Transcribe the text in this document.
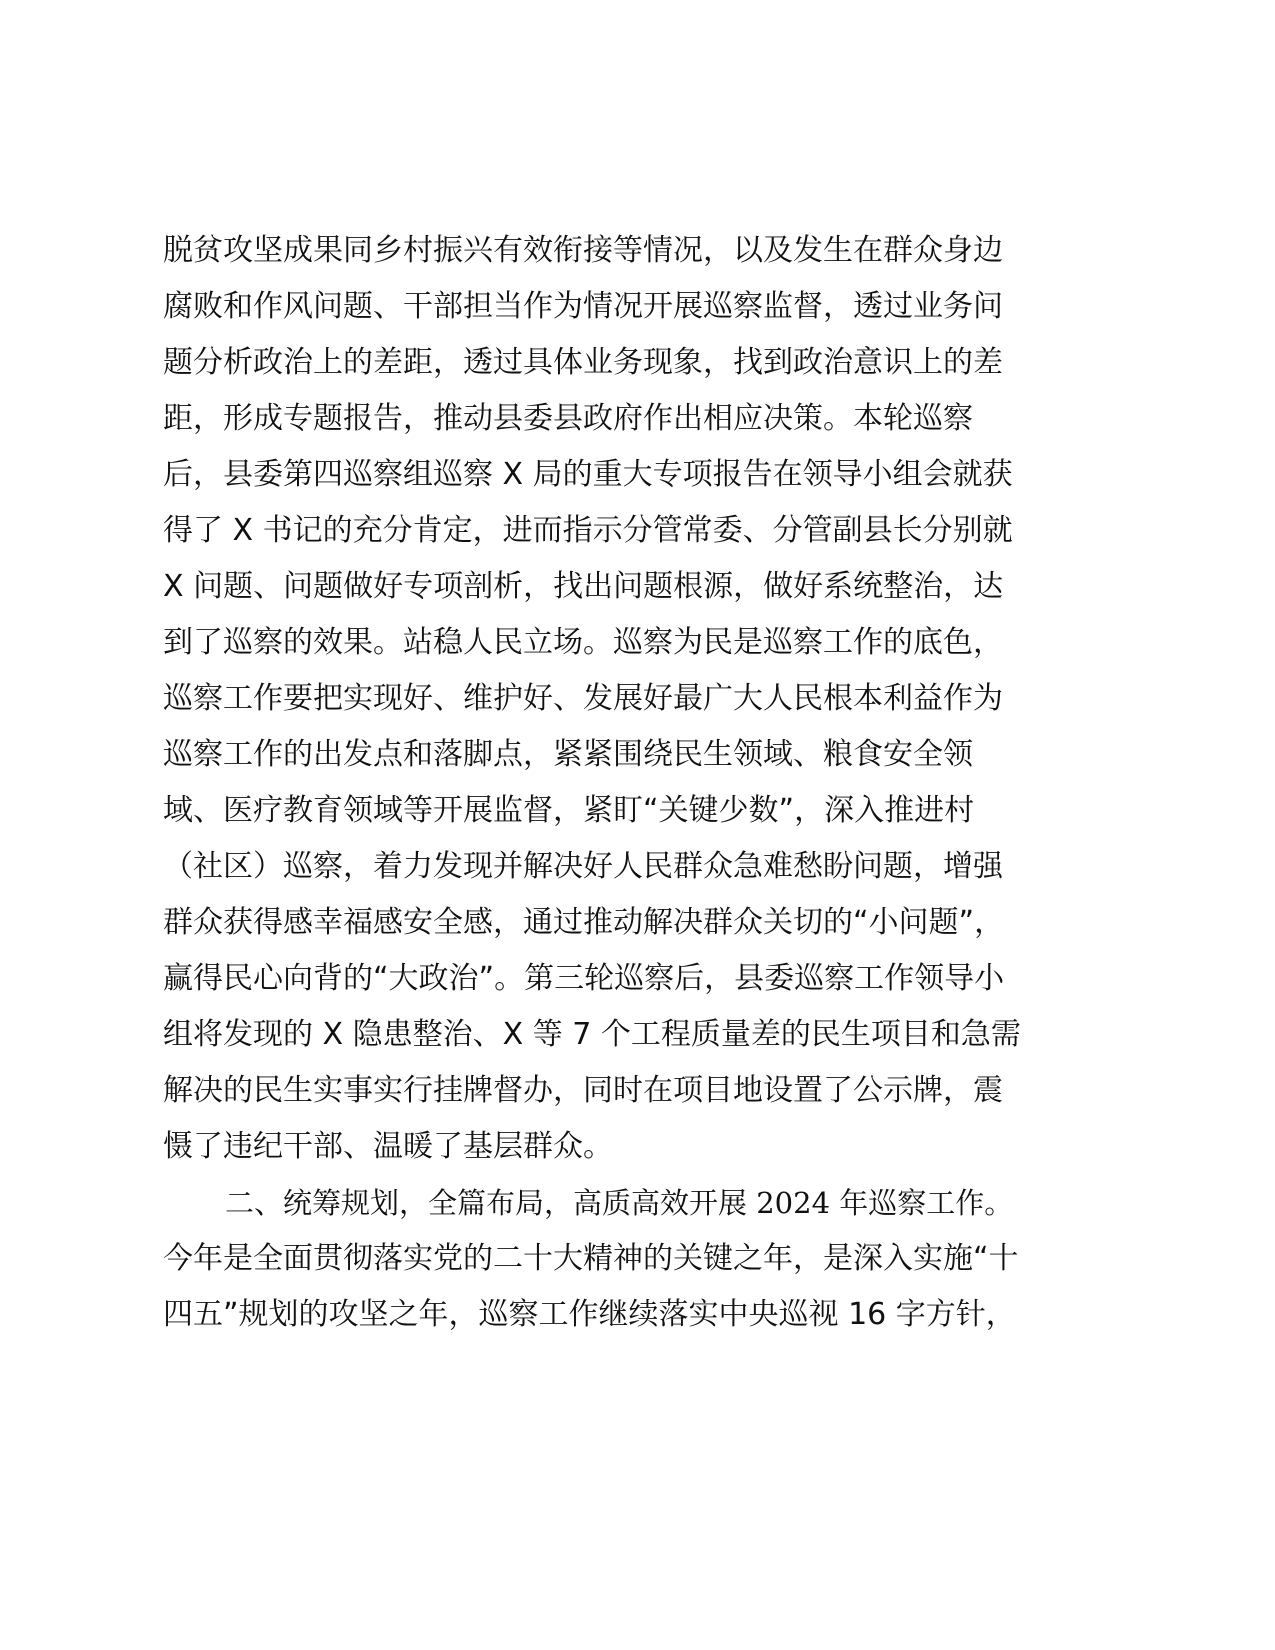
脱贫攻坚成果同乡村振兴有效衔接等情况，以及发生在群众身边
腐败和作风问题、干部担当作为情况开展巡察监督，透过业务问
题分析政治上的差距，透过具体业务现象，找到政治意识上的差
距，形成专题报告，推动县委县政府作出相应决策。本轮巡察
后，县委第四巡察组巡察 X 局的重大专项报告在领导小组会就获
得了 X 书记的充分肯定，进而指示分管常委、分管副县长分别就
X 问题、问题做好专项剖析，找出问题根源，做好系统整治，达
到了巡察的效果。站稳人民立场。巡察为民是巡察工作的底色，
巡察工作要把实现好、维护好、发展好最广大人民根本利益作为
巡察工作的出发点和落脚点，紧紧围绕民生领域、粮食安全领
域、医疗教育领域等开展监督，紧盯“关键少数”，深入推进村
（社区）巡察，着力发现并解决好人民群众急难愁盼问题，增强
群众获得感幸福感安全感，通过推动解决群众关切的“小问题”，
赢得民心向背的“大政治”。第三轮巡察后，县委巡察工作领导小
组将发现的 X 隐患整治、X 等 7 个工程质量差的民生项目和急需
解决的民生实事实行挂牌督办，同时在项目地设置了公示牌，震
慑了违纪干部、温暖了基层群众。
二、统筹规划，全篇布局，高质高效开展 2024 年巡察工作。
今年是全面贯彻落实党的二十大精神的关键之年，是深入实施“十
四五”规划的攻坚之年，巡察工作继续落实中央巡视 16 字方针，
